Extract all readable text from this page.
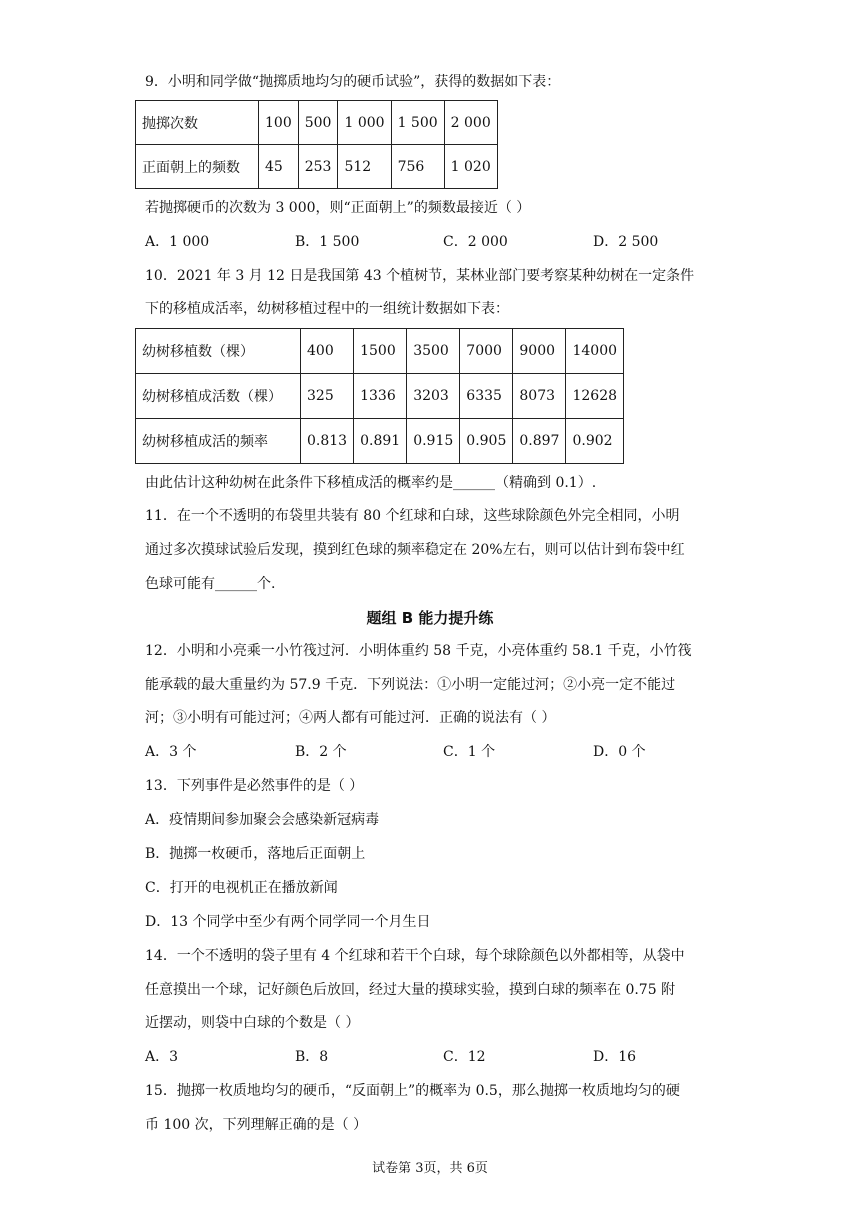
9．小明和同学做“抛掷质地均匀的硬币试验”，获得的数据如下表：
抛掷次数	100	500	1 000	1 500	2 000
正面朝上的频数	45	253	512	756	1 020
若抛掷硬币的次数为 3 000，则“正面朝上”的频数最接近（ ）
A．1 000	B．1 500	C．2 000	D．2 500
10．2021 年 3 月 12 日是我国第 43 个植树节，某林业部门要考察某种幼树在一定条件
下的移植成活率，幼树移植过程中的一组统计数据如下表：
幼树移植数（棵）	400	1500	3500	7000	9000	14000
幼树移植成活数（棵）	325	1336	3203	6335	8073	12628
幼树移植成活的频率	0.813	0.891	0.915	0.905	0.897	0.902
由此估计这种幼树在此条件下移植成活的概率约是______（精确到 0.1）.
11．在一个不透明的布袋里共装有 80 个红球和白球，这些球除颜色外完全相同，小明
通过多次摸球试验后发现，摸到红色球的频率稳定在 20%左右，则可以估计到布袋中红
色球可能有______个.
题组 B 能力提升练
12．小明和小亮乘一小竹筏过河．小明体重约 58 千克，小亮体重约 58.1 千克，小竹筏
能承载的最大重量约为 57.9 千克．下列说法：①小明一定能过河；②小亮一定不能过
河；③小明有可能过河；④两人都有可能过河．正确的说法有（ ）
A．3 个	B．2 个	C．1 个	D．0 个
13．下列事件是必然事件的是（ ）
A．疫情期间参加聚会会感染新冠病毒
B．抛掷一枚硬币，落地后正面朝上
C．打开的电视机正在播放新闻
D．13 个同学中至少有两个同学同一个月生日
14．一个不透明的袋子里有 4 个红球和若干个白球，每个球除颜色以外都相等，从袋中
任意摸出一个球，记好颜色后放回，经过大量的摸球实验，摸到白球的频率在 0.75 附
近摆动，则袋中白球的个数是（ ）
A．3	B．8	C．12	D．16
15．抛掷一枚质地均匀的硬币，“反面朝上”的概率为 0.5，那么抛掷一枚质地均匀的硬
币 100 次，下列理解正确的是（ ）
试卷第 3页，共 6页
